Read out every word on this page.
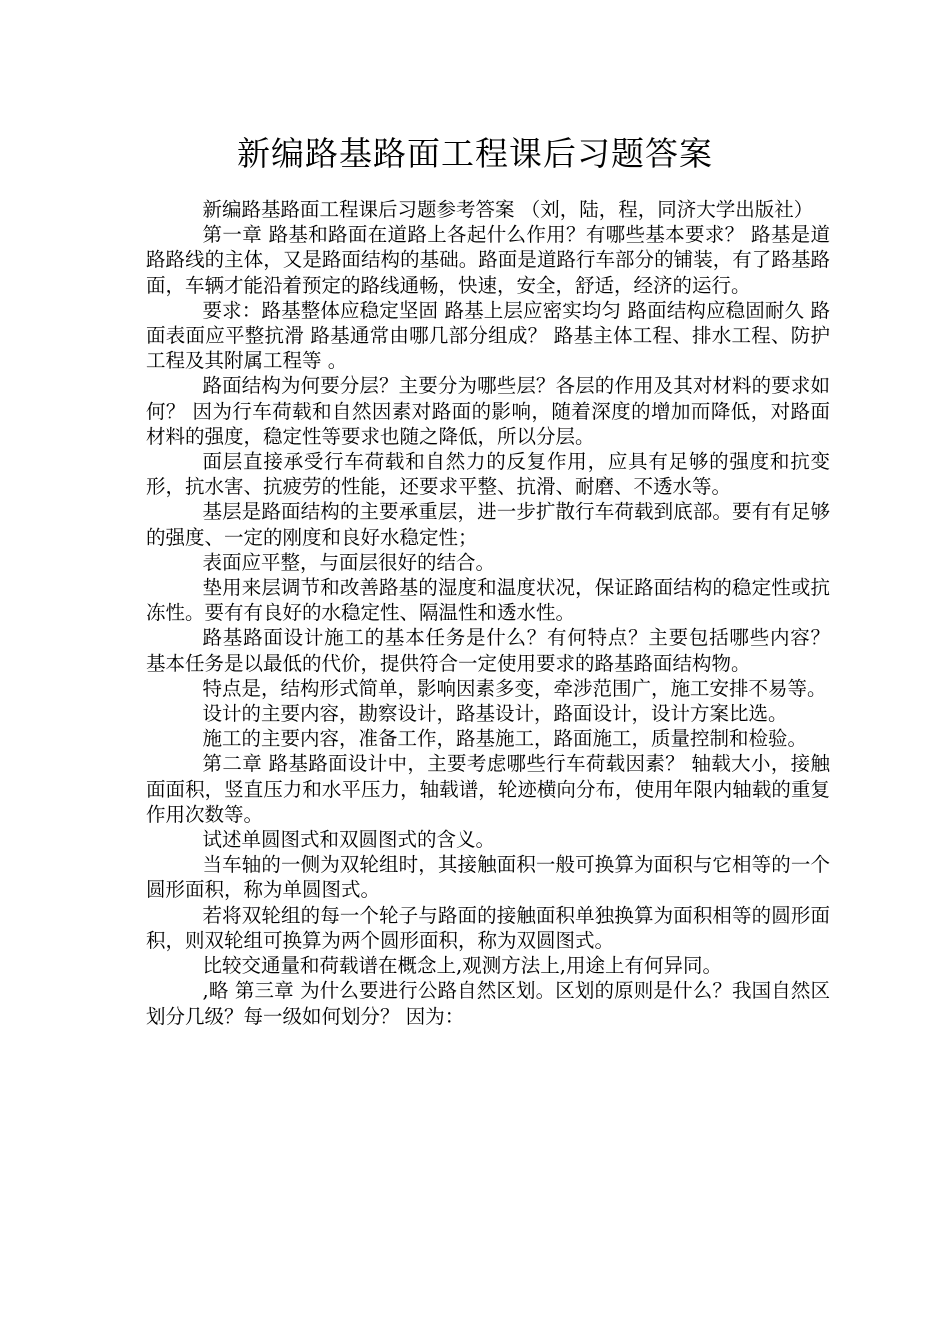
新编路基路面工程课后习题答案

新编路基路面工程课后习题参考答案 （刘，陆，程，同济大学出版社）

第一章 路基和路面在道路上各起什么作用？有哪些基本要求？ 路基是道路路线的主体，又是路面结构的基础。路面是道路行车部分的铺装，有了路基路面，车辆才能沿着预定的路线通畅，快速，安全，舒适，经济的运行。

要求：路基整体应稳定坚固 路基上层应密实均匀 路面结构应稳固耐久 路面表面应平整抗滑 路基通常由哪几部分组成？ 路基主体工程、排水工程、防护工程及其附属工程等 。

路面结构为何要分层？主要分为哪些层？各层的作用及其对材料的要求如何？ 因为行车荷载和自然因素对路面的影响，随着深度的增加而降低，对路面材料的强度，稳定性等要求也随之降低，所以分层。

面层直接承受行车荷载和自然力的反复作用，应具有足够的强度和抗变形，抗水害、抗疲劳的性能，还要求平整、抗滑、耐磨、不透水等。

基层是路面结构的主要承重层，进一步扩散行车荷载到底部。要有有足够的强度、一定的刚度和良好水稳定性；

表面应平整，与面层很好的结合。

垫用来层调节和改善路基的湿度和温度状况，保证路面结构的稳定性或抗冻性。要有有良好的水稳定性、隔温性和透水性。

路基路面设计施工的基本任务是什么？有何特点？主要包括哪些内容？ 基本任务是以最低的代价，提供符合一定使用要求的路基路面结构物。

特点是，结构形式简单，影响因素多变，牵涉范围广，施工安排不易等。

设计的主要内容，勘察设计，路基设计，路面设计，设计方案比选。

施工的主要内容，准备工作，路基施工，路面施工，质量控制和检验。

第二章 路基路面设计中，主要考虑哪些行车荷载因素？ 轴载大小，接触面面积，竖直压力和水平压力，轴载谱，轮迹横向分布，使用年限内轴载的重复作用次数等。

试述单圆图式和双圆图式的含义。

当车轴的一侧为双轮组时，其接触面积一般可换算为面积与它相等的一个圆形面积，称为单圆图式。

若将双轮组的每一个轮子与路面的接触面积单独换算为面积相等的圆形面积，则双轮组可换算为两个圆形面积，称为双圆图式。

比较交通量和荷载谱在概念上,观测方法上,用途上有何异同。

,略 第三章 为什么要进行公路自然区划。区划的原则是什么？我国自然区划分几级？每一级如何划分？ 因为：
